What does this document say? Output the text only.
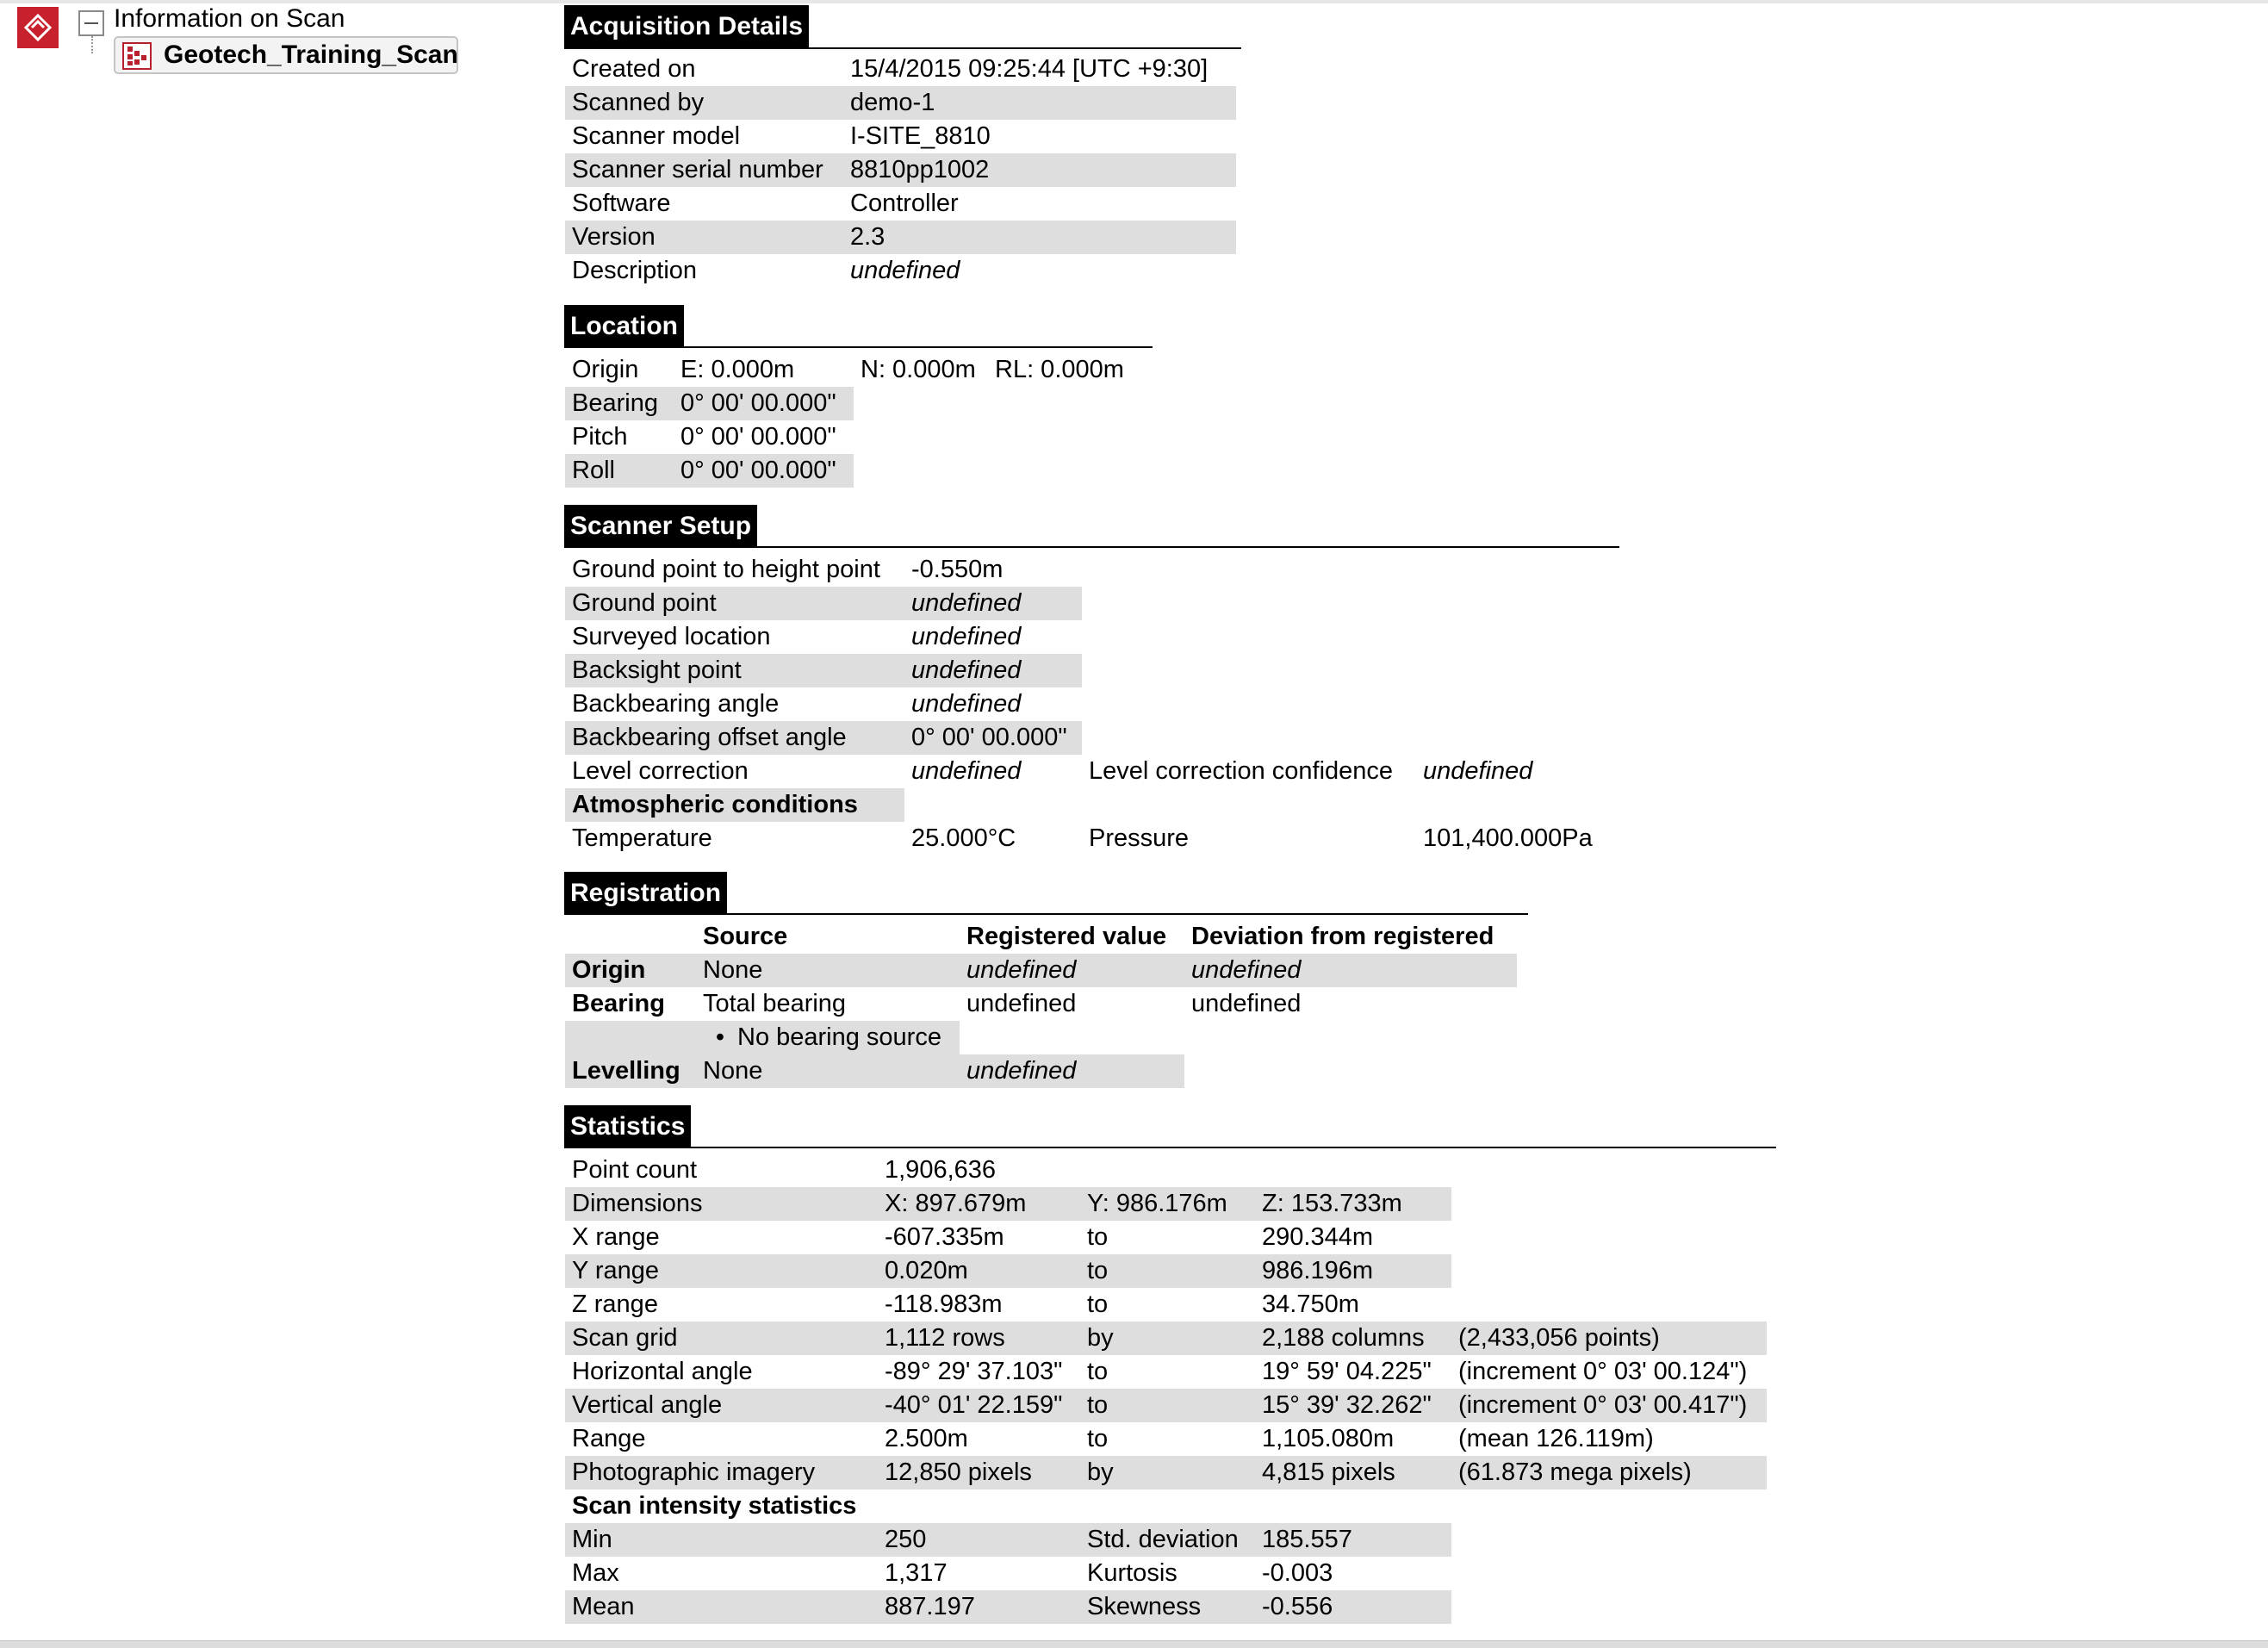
Information on Scan
Geotech_Training_Scan
Acquisition Details
Created on	15/4/2015 09:25:44 [UTC +9:30]
Scanned by	demo-1
Scanner model	I-SITE_8810
Scanner serial number	8810pp1002
Software	Controller
Version	2.3
Description	undefined
Location
Origin	E: 0.000m	N: 0.000m	RL: 0.000m
Bearing	0° 00' 00.000"		
Pitch	0° 00' 00.000"		
Roll	0° 00' 00.000"		
Scanner Setup
Ground point to height point	-0.550m		
Ground point	undefined		
Surveyed location	undefined		
Backsight point	undefined		
Backbearing angle	undefined		
Backbearing offset angle	0° 00' 00.000"		
Level correction	undefined	Level correction confidence	undefined
Atmospheric conditions			
Temperature	25.000°C	Pressure	101,400.000Pa
Registration
	Source	Registered value	Deviation from registered
Origin	None	undefined	undefined
Bearing	Total bearing	undefined	undefined
	• No bearing source		
Levelling	None	undefined	
Statistics
Point count	1,906,636			
Dimensions	X: 897.679m	Y: 986.176m	Z: 153.733m	
X range	-607.335m	to	290.344m	
Y range	0.020m	to	986.196m	
Z range	-118.983m	to	34.750m	
Scan grid	1,112 rows	by	2,188 columns	(2,433,056 points)
Horizontal angle	-89° 29' 37.103"	to	19° 59' 04.225"	(increment 0° 03' 00.124")
Vertical angle	-40° 01' 22.159"	to	15° 39' 32.262"	(increment 0° 03' 00.417")
Range	2.500m	to	1,105.080m	(mean 126.119m)
Photographic imagery	12,850 pixels	by	4,815 pixels	(61.873 mega pixels)
Scan intensity statistics				
Min	250	Std. deviation	185.557	
Max	1,317	Kurtosis	-0.003	
Mean	887.197	Skewness	-0.556	
